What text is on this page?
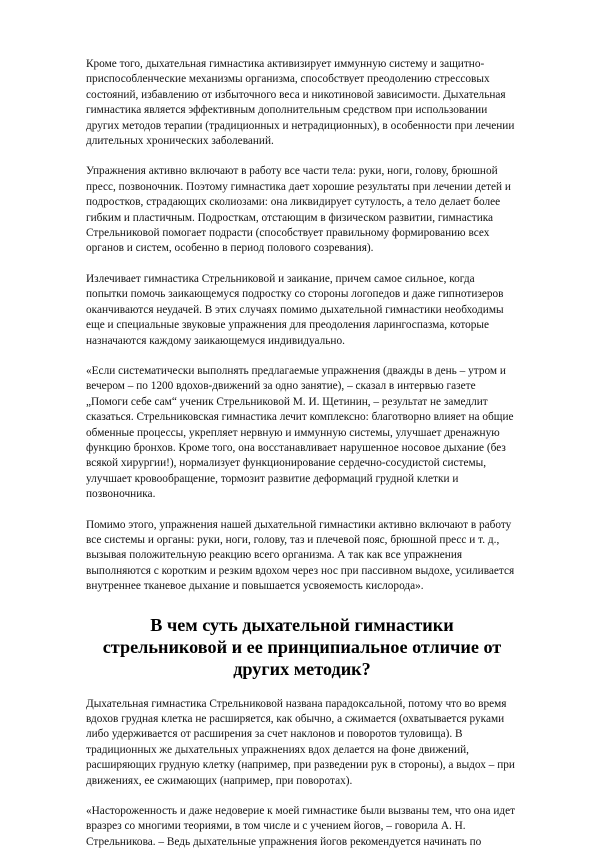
Кроме того, дыхательная гимнастика активизирует иммунную систему и защитно-приспособленческие механизмы организма, способствует преодолению стрессовых состояний, избавлению от избыточного веса и никотиновой зависимости. Дыхательная гимнастика является эффективным дополнительным средством при использовании других методов терапии (традиционных и нетрадиционных), в особенности при лечении длительных хронических заболеваний.

Упражнения активно включают в работу все части тела: руки, ноги, голову, брюшной пресс, позвоночник. Поэтому гимнастика дает хорошие результаты при лечении детей и подростков, страдающих сколиозами: она ликвидирует сутулость, а тело делает более гибким и пластичным. Подросткам, отстающим в физическом развитии, гимнастика Стрельниковой помогает подрасти (способствует правильному формированию всех органов и систем, особенно в период полового созревания).

Излечивает гимнастика Стрельниковой и заикание, причем самое сильное, когда попытки помочь заикающемуся подростку со стороны логопедов и даже гипнотизеров оканчиваются неудачей. В этих случаях помимо дыхательной гимнастики необходимы еще и специальные звуковые упражнения для преодоления ларингоспазма, которые назначаются каждому заикающемуся индивидуально.

«Если систематически выполнять предлагаемые упражнения (дважды в день – утром и вечером – по 1200 вдохов-движений за одно занятие), – сказал в интервью газете „Помоги себе сам“ ученик Стрельниковой М. И. Щетинин, – результат не замедлит сказаться. Стрельниковская гимнастика лечит комплексно: благотворно влияет на общие обменные процессы, укрепляет нервную и иммунную системы, улучшает дренажную функцию бронхов. Кроме того, она восстанавливает нарушенное носовое дыхание (без всякой хирургии!), нормализует функционирование сердечно-сосудистой системы, улучшает кровообращение, тормозит развитие деформаций грудной клетки и позвоночника.

Помимо этого, упражнения нашей дыхательной гимнастики активно включают в работу все системы и органы: руки, ноги, голову, таз и плечевой пояс, брюшной пресс и т. д., вызывая положительную реакцию всего организма. А так как все упражнения выполняются с коротким и резким вдохом через нос при пассивном выдохе, усиливается внутреннее тканевое дыхание и повышается усвояемость кислорода».

В чем суть дыхательной гимнастики стрельниковой и ее принципиальное отличие от других методик?

Дыхательная гимнастика Стрельниковой названа парадоксальной, потому что во время вдохов грудная клетка не расширяется, как обычно, а сжимается (охватывается руками либо удерживается от расширения за счет наклонов и поворотов туловища). В традиционных же дыхательных упражнениях вдох делается на фоне движений, расширяющих грудную клетку (например, при разведении рук в стороны), а выдох – при движениях, ее сжимающих (например, при поворотах).

«Настороженность и даже недоверие к моей гимнастике были вызваны тем, что она идет вразрез со многими теориями, в том числе и с учением йогов, – говорила А. Н. Стрельникова. – Ведь дыхательные упражнения йогов рекомендуется начинать по
